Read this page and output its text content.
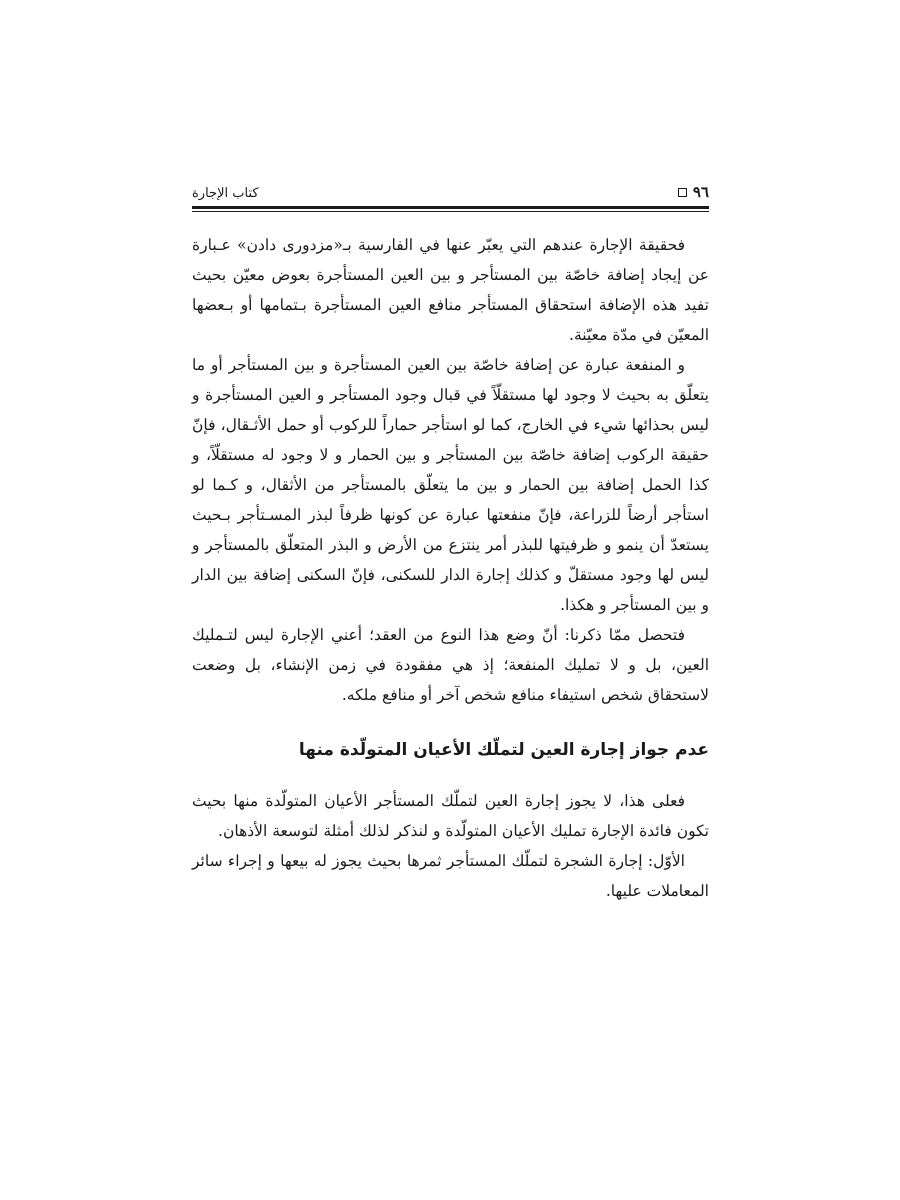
٩٦
كتاب الإجارة

فحقيقة الإجارة عندهم التي يعبّر عنها في الفارسية بـ«مزدورى دادن» عـبارة عن إيجاد إضافة خاصّة بين المستأجر و بين العين المستأجرة بعوض معيّن بحيث تفيد هذه الإضافة استحقاق المستأجر منافع العين المستأجرة بـتمامها أو بـعضها المعيّن في مدّة معيّنة.

و المنفعة عبارة عن إضافة خاصّة بين العين المستأجرة و بين المستأجر أو ما يتعلّق به بحيث لا وجود لها مستقلّاً في قبال وجود المستأجر و العين المستأجرة و ليس بحذائها شيء في الخارج، كما لو استأجر حماراً للركوب أو حمل الأثـقال، فإنّ حقيقة الركوب إضافة خاصّة بين المستأجر و بين الحمار و لا وجود له مستقلّاً، و كذا الحمل إضافة بين الحمار و بين ما يتعلّق بالمستأجر من الأثقال، و كـما لو استأجر أرضاً للزراعة، فإنّ منفعتها عبارة عن كونها ظرفاً لبذر المسـتأجر بـحيث يستعدّ أن ينمو و ظرفيتها للبذر أمر ينتزع من الأرض و البذر المتعلّق بالمستأجر و ليس لها وجود مستقلّ و كذلك إجارة الدار للسكنى، فإنّ السكنى إضافة بين الدار و بين المستأجر و هكذا.

فتحصل ممّا ذكرنا: أنّ وضع هذا النوع من العقد؛ أعني الإجارة ليس لتـمليك العين، بل و لا تمليك المنفعة؛ إذ هي مفقودة في زمن الإنشاء، بل وضعت لاستحقاق شخص استيفاء منافع شخص آخر أو منافع ملكه.

عدم جواز إجارة العين لتملّك الأعيان المتولّدة منها

فعلى هذا، لا يجوز إجارة العين لتملّك المستأجر الأعيان المتولّدة منها بحيث تكون فائدة الإجارة تمليك الأعيان المتولّدة و لنذكر لذلك أمثلة لتوسعة الأذهان.

الأوّل: إجارة الشجرة لتملّك المستأجر ثمرها بحيث يجوز له بيعها و إجراء سائر المعاملات عليها.
